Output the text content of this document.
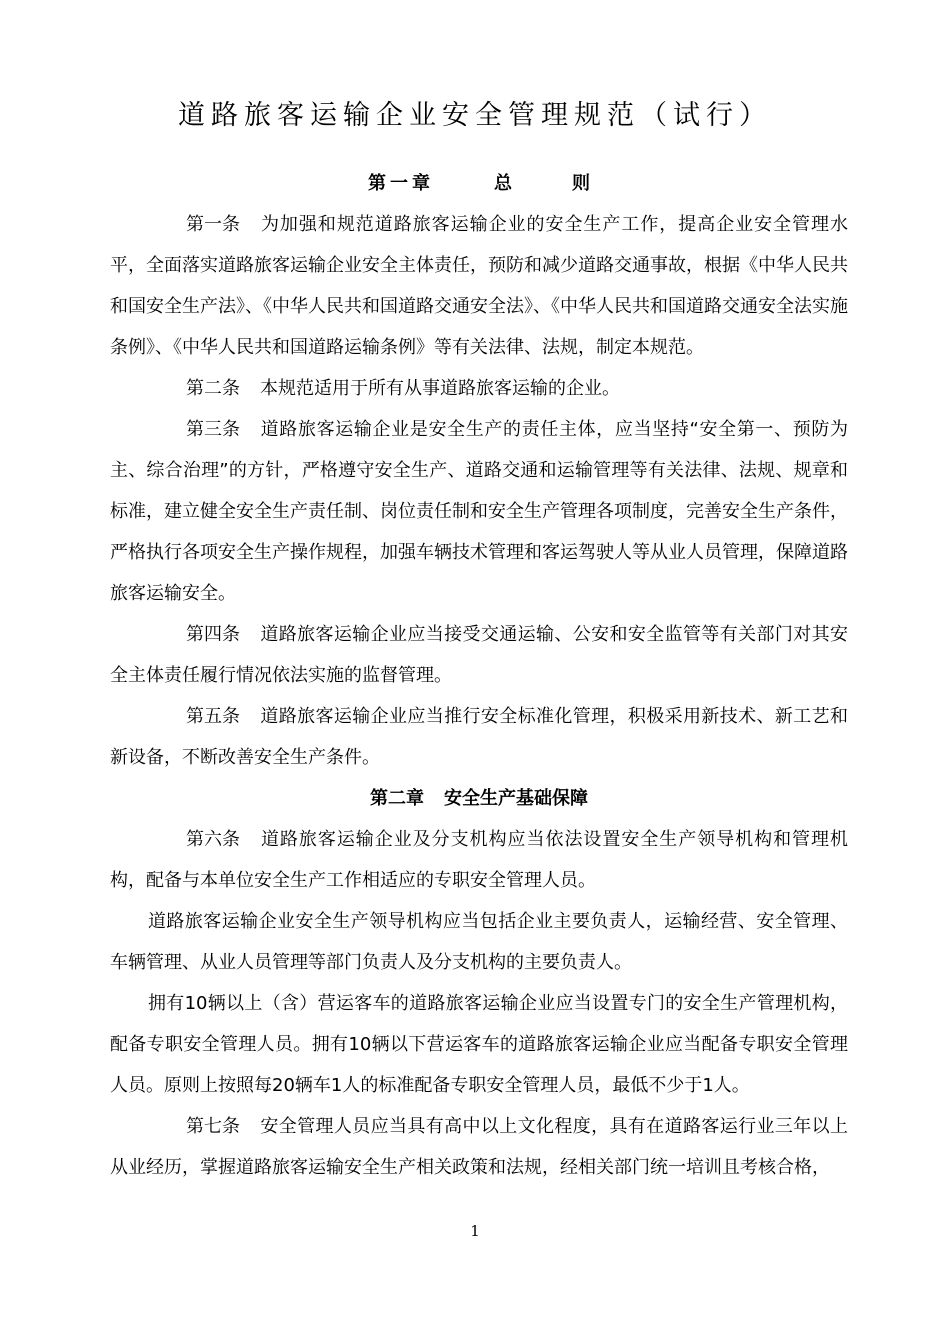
道路旅客运输企业安全管理规范（试行）
第一章	总则

第一条 为加强和规范道路旅客运输企业的安全生产工作，提高企业安全管理水平，全面落实道路旅客运输企业安全主体责任，预防和减少道路交通事故，根据《中华人民共和国安全生产法》、《中华人民共和国道路交通安全法》、《中华人民共和国道路交通安全法实施条例》、《中华人民共和国道路运输条例》等有关法律、法规，制定本规范。

第二条 本规范适用于所有从事道路旅客运输的企业。

第三条 道路旅客运输企业是安全生产的责任主体，应当坚持“安全第一、预防为主、综合治理”的方针，严格遵守安全生产、道路交通和运输管理等有关法律、法规、规章和标准，建立健全安全生产责任制、岗位责任制和安全生产管理各项制度，完善安全生产条件，严格执行各项安全生产操作规程，加强车辆技术管理和客运驾驶人等从业人员管理，保障道路旅客运输安全。

第四条 道路旅客运输企业应当接受交通运输、公安和安全监管等有关部门对其安全主体责任履行情况依法实施的监督管理。

第五条 道路旅客运输企业应当推行安全标准化管理，积极采用新技术、新工艺和新设备，不断改善安全生产条件。

第二章 安全生产基础保障

第六条 道路旅客运输企业及分支机构应当依法设置安全生产领导机构和管理机构，配备与本单位安全生产工作相适应的专职安全管理人员。

道路旅客运输企业安全生产领导机构应当包括企业主要负责人，运输经营、安全管理、车辆管理、从业人员管理等部门负责人及分支机构的主要负责人。

拥有10辆以上（含）营运客车的道路旅客运输企业应当设置专门的安全生产管理机构，配备专职安全管理人员。拥有10辆以下营运客车的道路旅客运输企业应当配备专职安全管理人员。原则上按照每20辆车1人的标准配备专职安全管理人员，最低不少于1人。

第七条 安全管理人员应当具有高中以上文化程度，具有在道路客运行业三年以上从业经历，掌握道路旅客运输安全生产相关政策和法规，经相关部门统一培训且考核合格，

1
